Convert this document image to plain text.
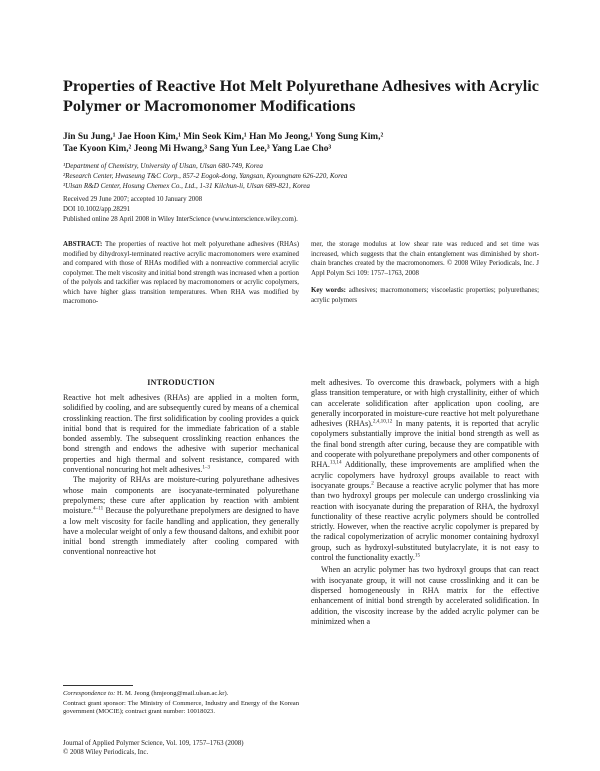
Properties of Reactive Hot Melt Polyurethane Adhesives with Acrylic Polymer or Macromonomer Modifications
Jin Su Jung,¹ Jae Hoon Kim,¹ Min Seok Kim,¹ Han Mo Jeong,¹ Yong Sung Kim,²
Tae Kyoon Kim,² Jeong Mi Hwang,³ Sang Yun Lee,³ Yang Lae Cho³
¹Department of Chemistry, University of Ulsan, Ulsan 680-749, Korea
²Research Center, Hwaseung T&C Corp., 857-2 Eogok-dong, Yangsan, Kyoungnam 626-220, Korea
³Ulsan R&D Center, Hosung Chemex Co., Ltd., 1-31 Kilchun-li, Ulsan 689-821, Korea
Received 29 June 2007; accepted 10 January 2008
DOI 10.1002/app.28291
Published online 28 April 2008 in Wiley InterScience (www.interscience.wiley.com).
ABSTRACT: The properties of reactive hot melt polyurethane adhesives (RHAs) modified by dihydroxyl-terminated reactive acrylic macromonomers were examined and compared with those of RHAs modified with a nonreactive commercial acrylic copolymer. The melt viscosity and initial bond strength was increased when a portion of the polyols and tackifier was replaced by macromonomers or acrylic copolymers, which have higher glass transition temperatures. When RHA was modified by macromono-
mer, the storage modulus at low shear rate was reduced and set time was increased, which suggests that the chain entanglement was diminished by short-chain branches created by the macromonomers. © 2008 Wiley Periodicals, Inc. J Appl Polym Sci 109: 1757–1763, 2008
Key words: adhesives; macromonomers; viscoelastic properties; polyurethanes; acrylic polymers
INTRODUCTION

Reactive hot melt adhesives (RHAs) are applied in a molten form, solidified by cooling, and are subsequently cured by means of a chemical crosslinking reaction. The first solidification by cooling provides a quick initial bond that is required for the immediate fabrication of a stable bonded assembly. The subsequent crosslinking reaction enhances the bond strength and endows the adhesive with superior mechanical properties and high thermal and solvent resistance, compared with conventional noncuring hot melt adhesives.$^{1-3}$

The majority of RHAs are moisture-curing polyurethane adhesives whose main components are isocyanate-terminated polyurethane prepolymers; these cure after application by reaction with ambient moisture.$^{4-11}$ Because the polyurethane prepolymers are designed to have a low melt viscosity for facile handling and application, they generally have a molecular weight of only a few thousand daltons, and exhibit poor initial bond strength immediately after cooling compared with conventional nonreactive hot

melt adhesives. To overcome this drawback, polymers with a high glass transition temperature, or with high crystallinity, either of which can accelerate solidification after application upon cooling, are generally incorporated in moisture-cure reactive hot melt polyurethane adhesives (RHAs).$^{2,4,10,12}$ In many patents, it is reported that acrylic copolymers substantially improve the initial bond strength as well as the final bond strength after curing, because they are compatible with and cooperate with polyurethane prepolymers and other components of RHA.$^{13,14}$ Additionally, these improvements are amplified when the acrylic copolymers have hydroxyl groups available to react with isocyanate groups.$^2$ Because a reactive acrylic polymer that has more than two hydroxyl groups per molecule can undergo crosslinking via reaction with isocyanate during the preparation of RHA, the hydroxyl functionality of these reactive acrylic polymers should be controlled strictly. However, when the reactive acrylic copolymer is prepared by the radical copolymerization of acrylic monomer containing hydroxyl group, such as hydroxyl-substituted butylacrylate, it is not easy to control the functionality exactly.$^{15}$

When an acrylic polymer has two hydroxyl groups that can react with isocyanate group, it will not cause crosslinking and it can be dispersed homogeneously in RHA matrix for the effective enhancement of initial bond strength by accelerated solidification. In addition, the viscosity increase by the added acrylic polymer can be minimized when a

Correspondence to: H. M. Jeong (hmjeong@mail.ulsan.ac.kr).

Contract grant sponsor: The Ministry of Commerce, Industry and Energy of the Korean government (MOCIE); contract grant number: 10018023.

Journal of Applied Polymer Science, Vol. 109, 1757–1763 (2008)
© 2008 Wiley Periodicals, Inc.
